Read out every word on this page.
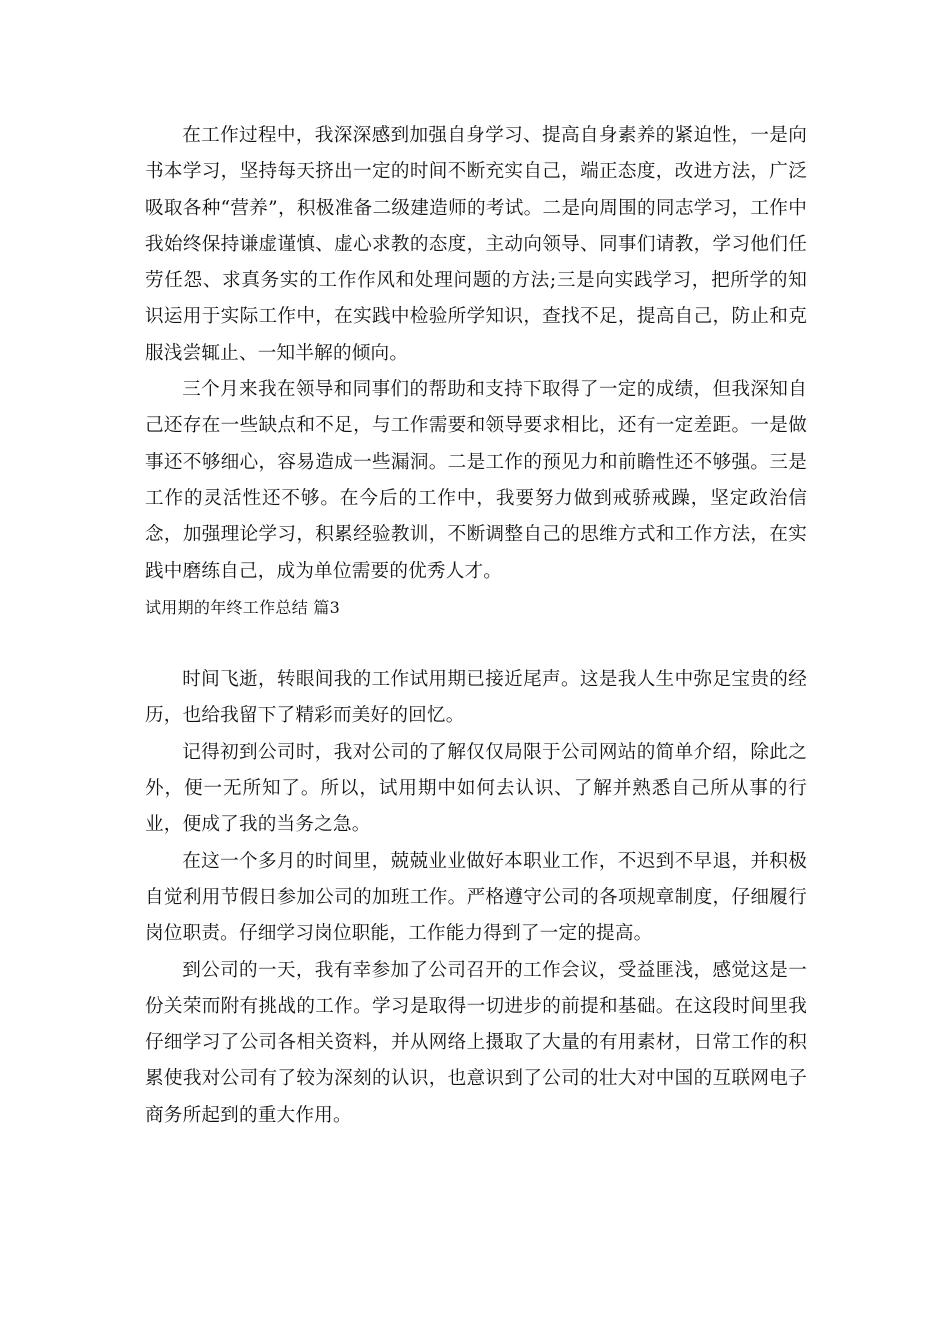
在工作过程中，我深深感到加强自身学习、提高自身素养的紧迫性，一是向书本学习，坚持每天挤出一定的时间不断充实自己，端正态度，改进方法，广泛吸取各种“营养”，积极准备二级建造师的考试。二是向周围的同志学习，工作中我始终保持谦虚谨慎、虚心求教的态度，主动向领导、同事们请教，学习他们任劳任怨、求真务实的工作作风和处理问题的方法;三是向实践学习，把所学的知识运用于实际工作中，在实践中检验所学知识，查找不足，提高自己，防止和克服浅尝辄止、一知半解的倾向。

三个月来我在领导和同事们的帮助和支持下取得了一定的成绩，但我深知自己还存在一些缺点和不足，与工作需要和领导要求相比，还有一定差距。一是做事还不够细心，容易造成一些漏洞。二是工作的预见力和前瞻性还不够强。三是工作的灵活性还不够。在今后的工作中，我要努力做到戒骄戒躁，坚定政治信念，加强理论学习，积累经验教训，不断调整自己的思维方式和工作方法，在实践中磨练自己，成为单位需要的优秀人才。

试用期的年终工作总结 篇3

时间飞逝，转眼间我的工作试用期已接近尾声。这是我人生中弥足宝贵的经历，也给我留下了精彩而美好的回忆。

记得初到公司时，我对公司的了解仅仅局限于公司网站的简单介绍，除此之外，便一无所知了。所以，试用期中如何去认识、了解并熟悉自己所从事的行业，便成了我的当务之急。

在这一个多月的时间里，兢兢业业做好本职业工作，不迟到不早退，并积极自觉利用节假日参加公司的加班工作。严格遵守公司的各项规章制度，仔细履行岗位职责。仔细学习岗位职能，工作能力得到了一定的提高。

到公司的一天，我有幸参加了公司召开的工作会议，受益匪浅，感觉这是一份关荣而附有挑战的工作。学习是取得一切进步的前提和基础。在这段时间里我仔细学习了公司各相关资料，并从网络上摄取了大量的有用素材，日常工作的积累使我对公司有了较为深刻的认识，也意识到了公司的壮大对中国的互联网电子商务所起到的重大作用。
